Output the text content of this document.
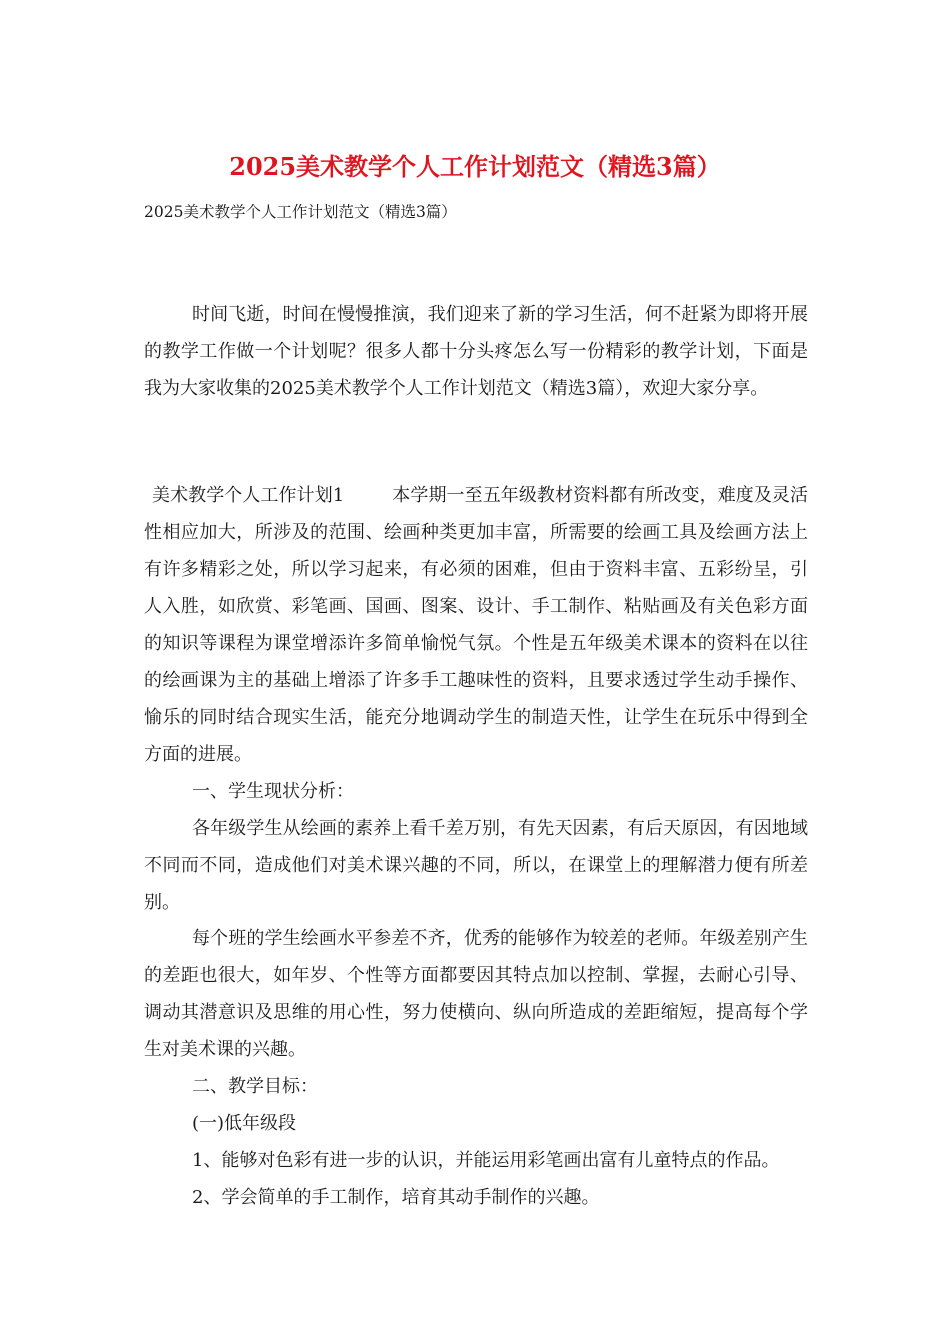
2025美术教学个人工作计划范文（精选3篇）
2025美术教学个人工作计划范文（精选3篇）

时间飞逝，时间在慢慢推演，我们迎来了新的学习生活，何不赶紧为即将开展的教学工作做一个计划呢？很多人都十分头疼怎么写一份精彩的教学计划，下面是我为大家收集的2025美术教学个人工作计划范文（精选3篇），欢迎大家分享。

美术教学个人工作计划1	本学期一至五年级教材资料都有所改变，难度及灵活性相应加大，所涉及的范围、绘画种类更加丰富，所需要的绘画工具及绘画方法上有许多精彩之处，所以学习起来，有必须的困难，但由于资料丰富、五彩纷呈，引人入胜，如欣赏、彩笔画、国画、图案、设计、手工制作、粘贴画及有关色彩方面的知识等课程为课堂增添许多简单愉悦气氛。个性是五年级美术课本的资料在以往的绘画课为主的基础上增添了许多手工趣味性的资料，且要求透过学生动手操作、愉乐的同时结合现实生活，能充分地调动学生的制造天性，让学生在玩乐中得到全方面的进展。

一、学生现状分析：

各年级学生从绘画的素养上看千差万别，有先天因素，有后天原因，有因地域不同而不同，造成他们对美术课兴趣的不同，所以，在课堂上的理解潜力便有所差别。

每个班的学生绘画水平参差不齐，优秀的能够作为较差的老师。年级差别产生的差距也很大，如年岁、个性等方面都要因其特点加以控制、掌握，去耐心引导、调动其潜意识及思维的用心性，努力使横向、纵向所造成的差距缩短，提高每个学生对美术课的兴趣。

二、教学目标：
(一)低年级段
1、能够对色彩有进一步的认识，并能运用彩笔画出富有儿童特点的作品。
2、学会简单的手工制作，培育其动手制作的兴趣。
